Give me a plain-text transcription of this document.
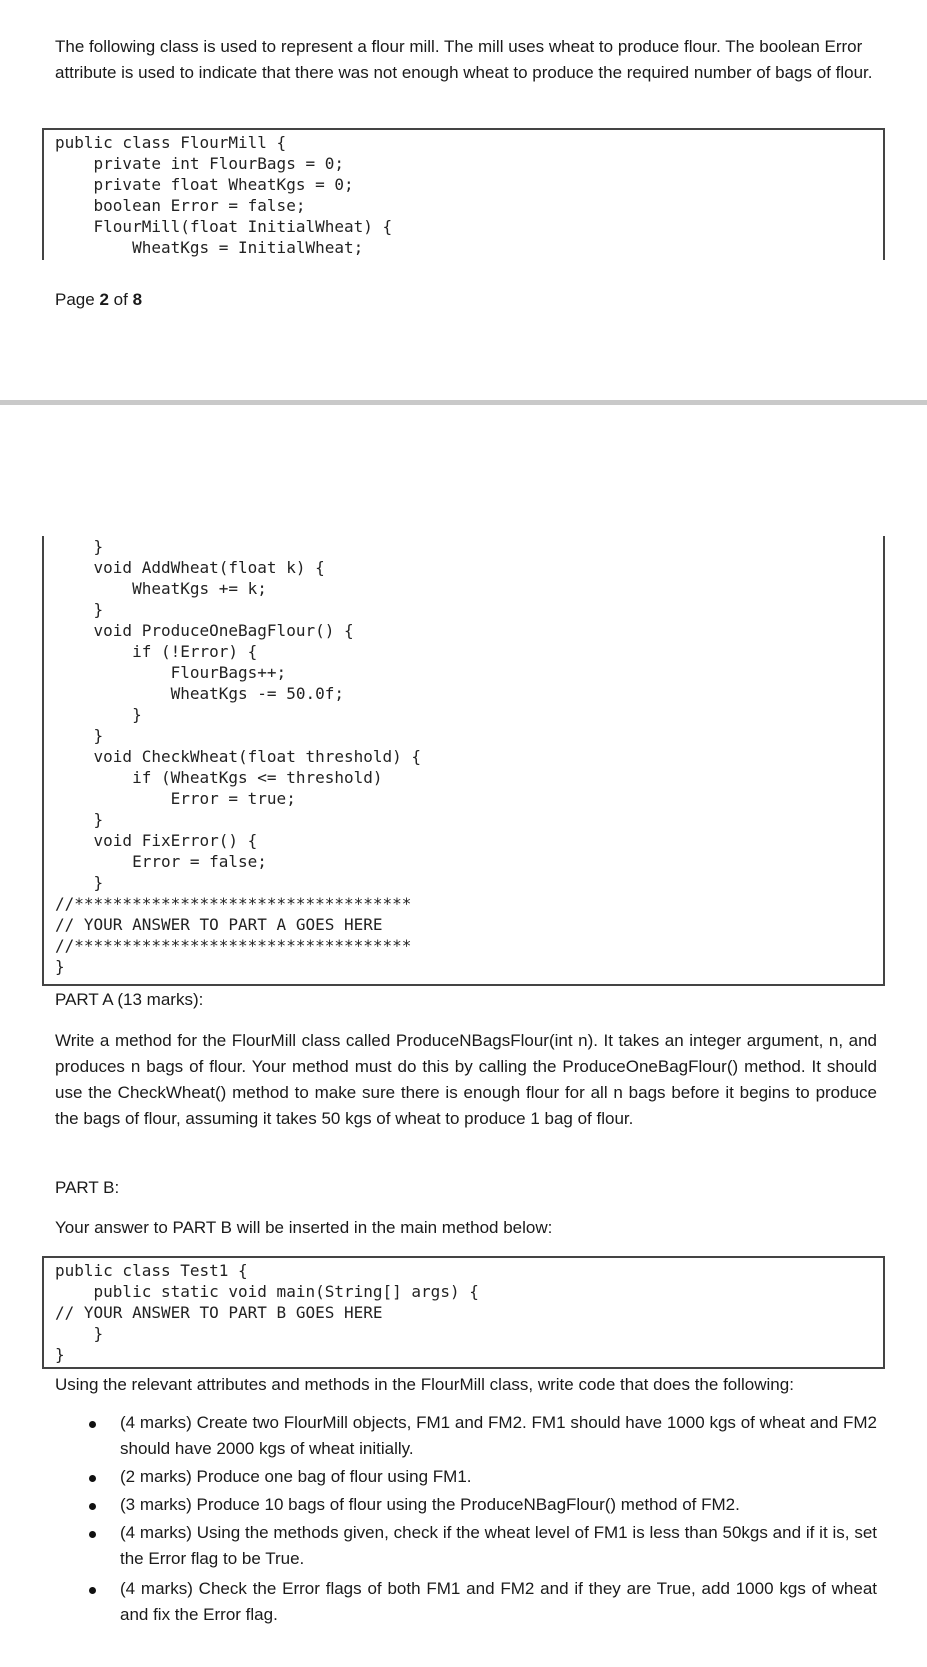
The following class is used to represent a flour mill. The mill uses wheat to produce flour. The boolean Error attribute is used to indicate that there was not enough wheat to produce the required number of bags of flour.

public class FlourMill {
private int FlourBags = 0;
private float WheatKgs = 0;
boolean Error = false;
FlourMill(float InitialWheat) {
WheatKgs = InitialWheat;
Page 2 of 8
}
void AddWheat(float k) {
WheatKgs += k;
}
void ProduceOneBagFlour() {
if (!Error) {
FlourBags++;
WheatKgs -= 50.0f;
}
}
void CheckWheat(float threshold) {
if (WheatKgs <= threshold)
Error = true;
}
void FixError() {
Error = false;
}
//***********************************
// YOUR ANSWER TO PART A GOES HERE
//***********************************
}

PART A (13 marks):

Write a method for the FlourMill class called ProduceNBagsFlour(int n). It takes an integer argument, n, and produces n bags of flour. Your method must do this by calling the ProduceOneBagFlour() method. It should use the CheckWheat() method to make sure there is enough flour for all n bags before it begins to produce the bags of flour, assuming it takes 50 kgs of wheat to produce 1 bag of flour.

PART B:

Your answer to PART B will be inserted in the main method below:

public class Test1 {
public static void main(String[] args) {
// YOUR ANSWER TO PART B GOES HERE
}
}

Using the relevant attributes and methods in the FlourMill class, write code that does the following:

(4 marks) Create two FlourMill objects, FM1 and FM2. FM1 should have 1000 kgs of wheat and FM2 should have 2000 kgs of wheat initially.
(2 marks) Produce one bag of flour using FM1.
(3 marks) Produce 10 bags of flour using the ProduceNBagFlour() method of FM2.
(4 marks) Using the methods given, check if the wheat level of FM1 is less than 50kgs and if it is, set the Error flag to be True.
(4 marks) Check the Error flags of both FM1 and FM2 and if they are True, add 1000 kgs of wheat and fix the Error flag.
